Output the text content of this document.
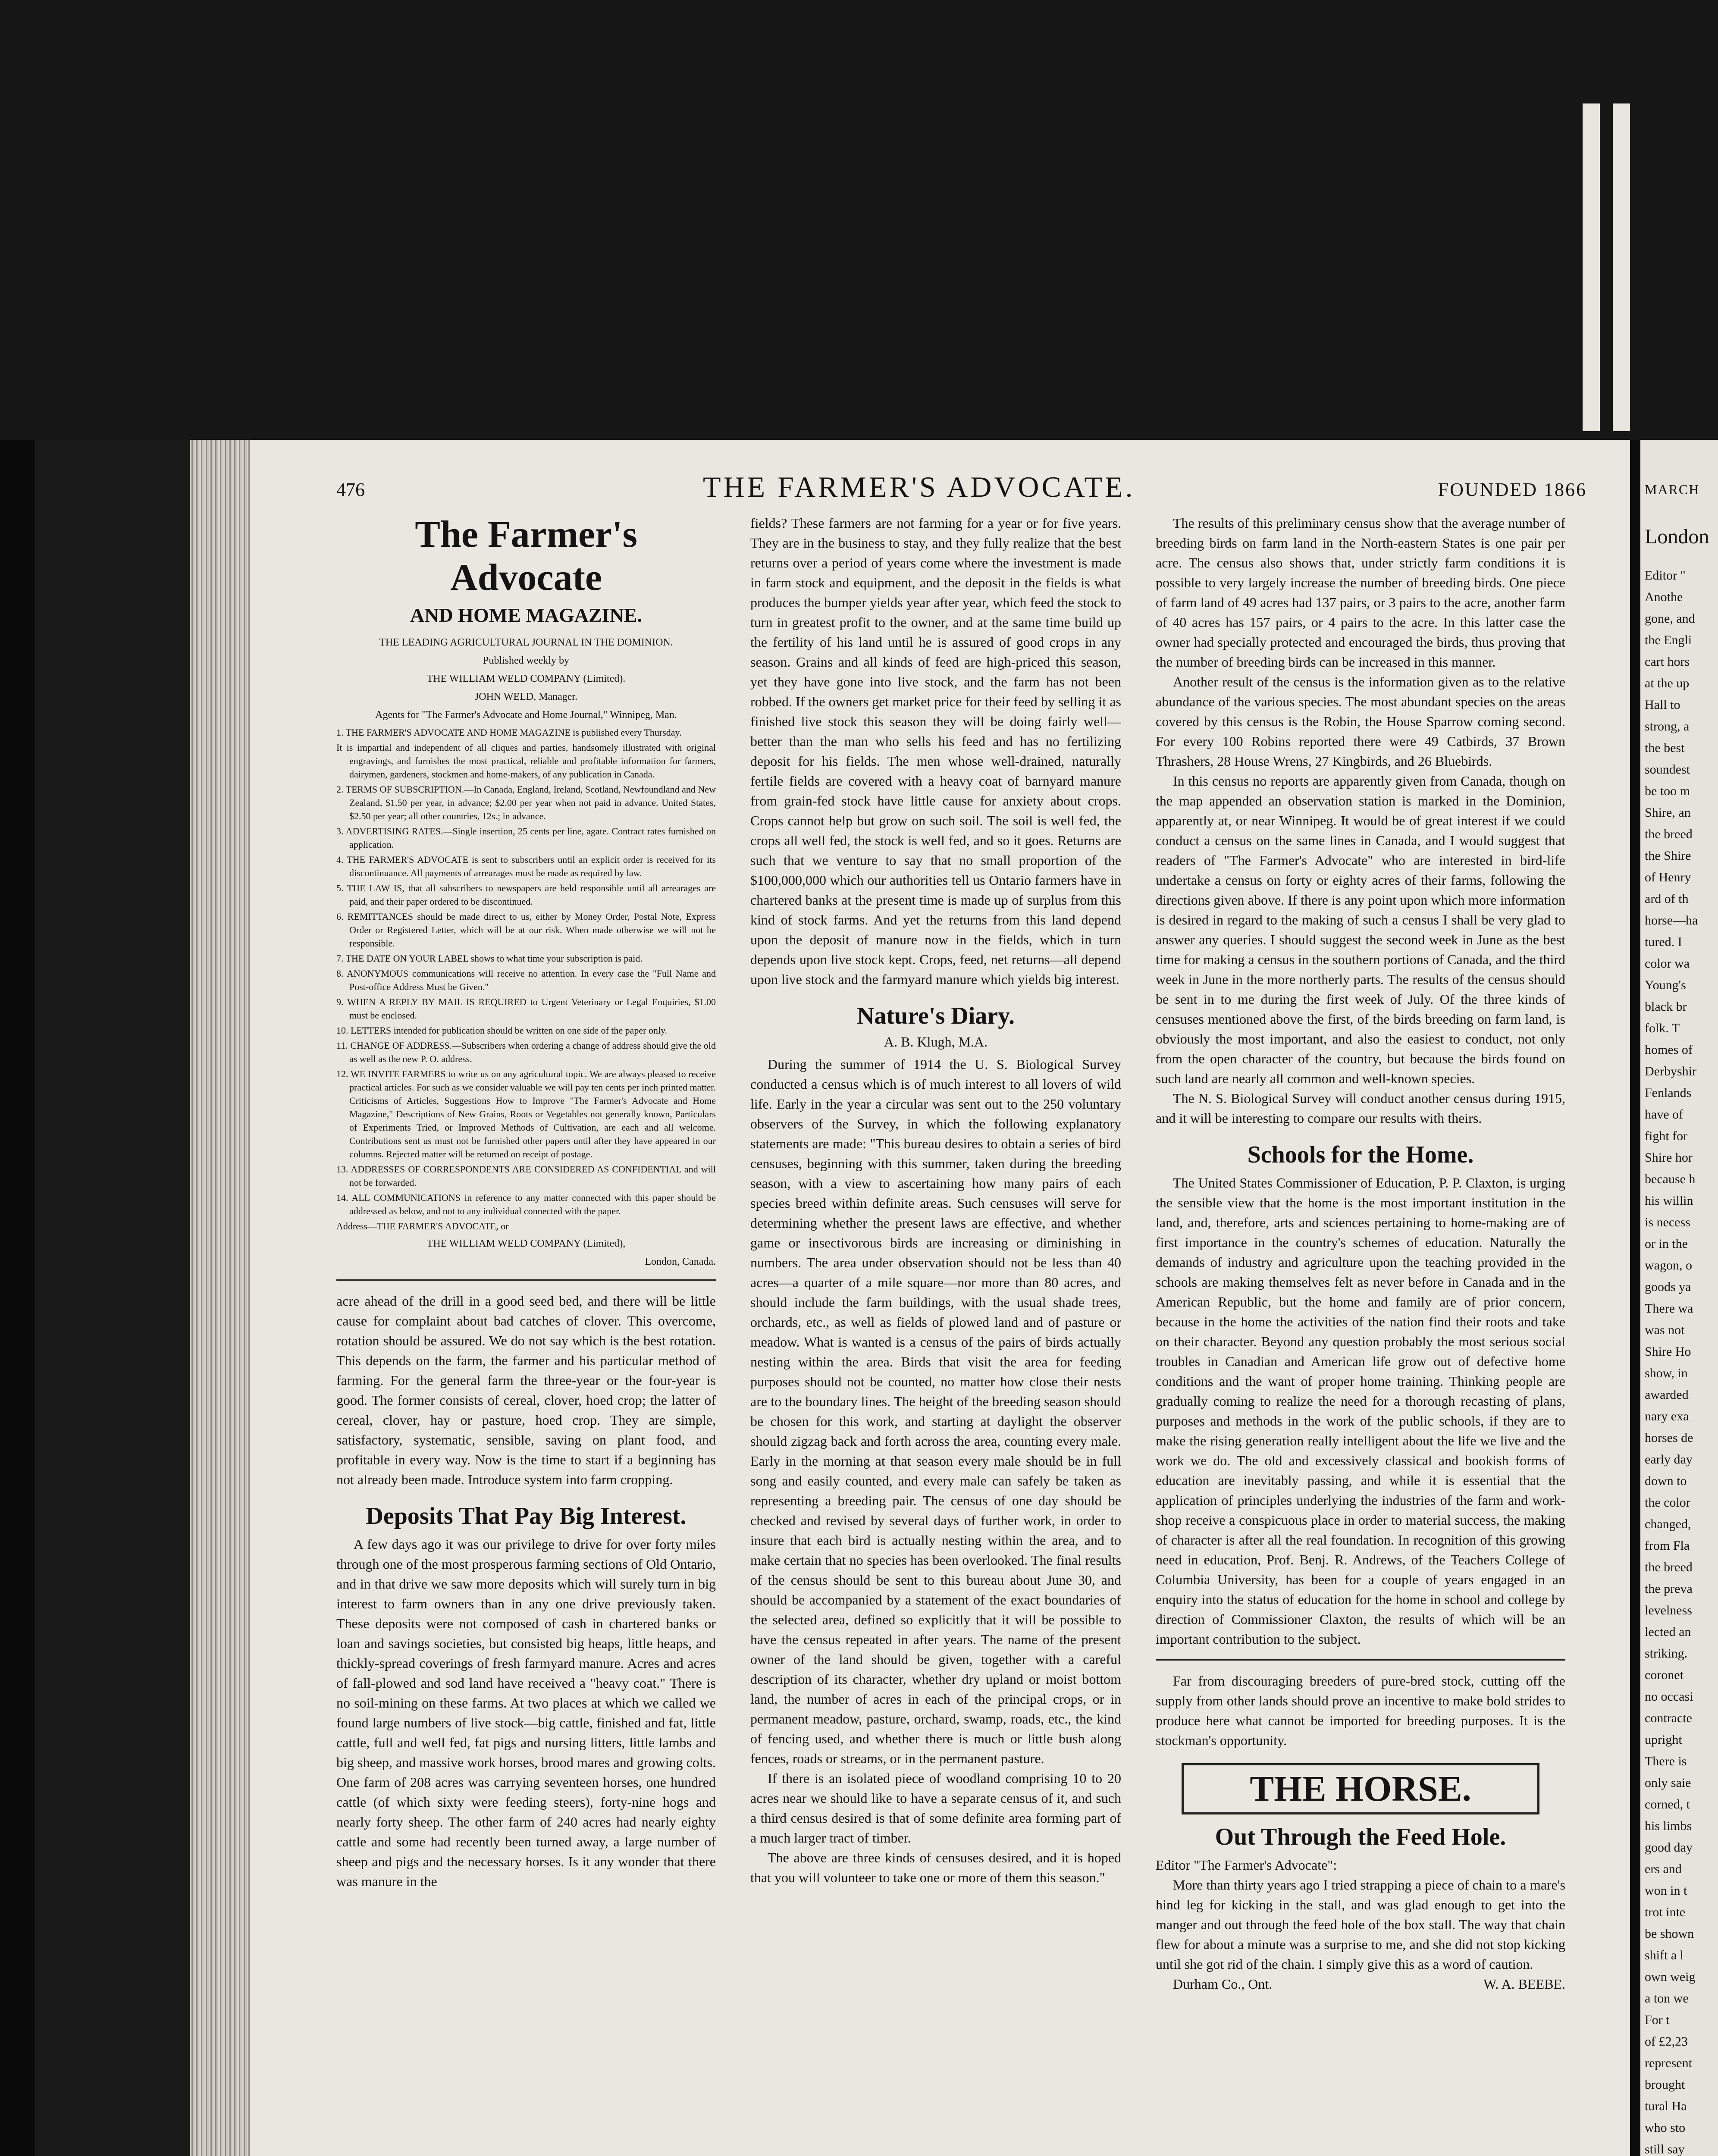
476	THE FARMER'S ADVOCATE.	FOUNDED 1866
The Farmer's Advocate
AND HOME MAGAZINE.
THE LEADING AGRICULTURAL JOURNAL IN THE DOMINION.
Published weekly by
THE WILLIAM WELD COMPANY (Limited).
JOHN WELD, Manager.
Agents for "The Farmer's Advocate and Home Journal," Winnipeg, Man.
1. THE FARMER'S ADVOCATE AND HOME MAGAZINE is published every Thursday.
It is impartial and independent of all cliques and parties, handsomely illustrated with original engravings, and furnishes the most practical, reliable and profitable information for farmers, dairymen, gardeners, stockmen and home-makers, of any publication in Canada.
2. TERMS OF SUBSCRIPTION.—In Canada, England, Ireland, Scotland, Newfoundland and New Zealand, $1.50 per year, in advance; $2.00 per year when not paid in advance. United States, $2.50 per year; all other countries, 12s.; in advance.
3. ADVERTISING RATES.—Single insertion, 25 cents per line, agate. Contract rates furnished on application.
4. THE FARMER'S ADVOCATE is sent to subscribers until an explicit order is received for its discontinuance. All payments of arrearages must be made as required by law.
5. THE LAW IS, that all subscribers to newspapers are held responsible until all arrearages are paid, and their paper ordered to be discontinued.
6. REMITTANCES should be made direct to us, either by Money Order, Postal Note, Express Order or Registered Letter, which will be at our risk. When made otherwise we will not be responsible.
7. THE DATE ON YOUR LABEL shows to what time your subscription is paid.
8. ANONYMOUS communications will receive no attention. In every case the "Full Name and Post-office Address Must be Given."
9. WHEN A REPLY BY MAIL IS REQUIRED to Urgent Veterinary or Legal Enquiries, $1.00 must be enclosed.
10. LETTERS intended for publication should be written on one side of the paper only.
11. CHANGE OF ADDRESS.—Subscribers when ordering a change of address should give the old as well as the new P. O. address.
12. WE INVITE FARMERS to write us on any agricultural topic. We are always pleased to receive practical articles. For such as we consider valuable we will pay ten cents per inch printed matter. Criticisms of Articles, Suggestions How to Improve "The Farmer's Advocate and Home Magazine," Descriptions of New Grains, Roots or Vegetables not generally known, Particulars of Experiments Tried, or Improved Methods of Cultivation, are each and all welcome. Contributions sent us must not be furnished other papers until after they have appeared in our columns. Rejected matter will be returned on receipt of postage.
13. ADDRESSES OF CORRESPONDENTS ARE CONSIDERED AS CONFIDENTIAL and will not be forwarded.
14. ALL COMMUNICATIONS in reference to any matter connected with this paper should be addressed as below, and not to any individual connected with the paper.
Address—THE FARMER'S ADVOCATE, or
THE WILLIAM WELD COMPANY (Limited),
London, Canada.

acre ahead of the drill in a good seed bed, and there will be little cause for complaint about bad catches of clover. This overcome, rotation should be assured. We do not say which is the best rotation. This depends on the farm, the farmer and his particular method of farming. For the general farm the three-year or the four-year is good. The former consists of cereal, clover, hoed crop; the latter of cereal, clover, hay or pasture, hoed crop. They are simple, satisfactory, systematic, sensible, saving on plant food, and profitable in every way. Now is the time to start if a beginning has not already been made. Introduce system into farm cropping.

Deposits That Pay Big Interest.

A few days ago it was our privilege to drive for over forty miles through one of the most prosperous farming sections of Old Ontario, and in that drive we saw more deposits which will surely turn in big interest to farm owners than in any one drive previously taken. These deposits were not composed of cash in chartered banks or loan and savings societies, but consisted big heaps, little heaps, and thickly-spread coverings of fresh farmyard manure. Acres and acres of fall-plowed and sod land have received a "heavy coat." There is no soil-mining on these farms. At two places at which we called we found large numbers of live stock—big cattle, finished and fat, little cattle, full and well fed, fat pigs and nursing litters, little lambs and big sheep, and massive work horses, brood mares and growing colts. One farm of 208 acres was carrying seventeen horses, one hundred cattle (of which sixty were feeding steers), forty-nine hogs and nearly forty sheep. The other farm of 240 acres had nearly eighty cattle and some had recently been turned away, a large number of sheep and pigs and the necessary horses. Is it any wonder that there was manure in the

fields? These farmers are not farming for a year or for five years. They are in the business to stay, and they fully realize that the best returns over a period of years come where the investment is made in farm stock and equipment, and the deposit in the fields is what produces the bumper yields year after year, which feed the stock to turn in greatest profit to the owner, and at the same time build up the fertility of his land until he is assured of good crops in any season. Grains and all kinds of feed are high-priced this season, yet they have gone into live stock, and the farm has not been robbed. If the owners get market price for their feed by selling it as finished live stock this season they will be doing fairly well—better than the man who sells his feed and has no fertilizing deposit for his fields. The men whose well-drained, naturally fertile fields are covered with a heavy coat of barnyard manure from grain-fed stock have little cause for anxiety about crops. Crops cannot help but grow on such soil. The soil is well fed, the crops all well fed, the stock is well fed, and so it goes. Returns are such that we venture to say that no small proportion of the $100,000,000 which our authorities tell us Ontario farmers have in chartered banks at the present time is made up of surplus from this kind of stock farms. And yet the returns from this land depend upon the deposit of manure now in the fields, which in turn depends upon live stock kept. Crops, feed, net returns—all depend upon live stock and the farmyard manure which yields big interest.

Nature's Diary.
A. B. Klugh, M.A.

During the summer of 1914 the U. S. Biological Survey conducted a census which is of much interest to all lovers of wild life. Early in the year a circular was sent out to the 250 voluntary observers of the Survey, in which the following explanatory statements are made: "This bureau desires to obtain a series of bird censuses, beginning with this summer, taken during the breeding season, with a view to ascertaining how many pairs of each species breed within definite areas. Such censuses will serve for determining whether the present laws are effective, and whether game or insectivorous birds are increasing or diminishing in numbers. The area under observation should not be less than 40 acres—a quarter of a mile square—nor more than 80 acres, and should include the farm buildings, with the usual shade trees, orchards, etc., as well as fields of plowed land and of pasture or meadow. What is wanted is a census of the pairs of birds actually nesting within the area. Birds that visit the area for feeding purposes should not be counted, no matter how close their nests are to the boundary lines. The height of the breeding season should be chosen for this work, and starting at daylight the observer should zigzag back and forth across the area, counting every male. Early in the morning at that season every male should be in full song and easily counted, and every male can safely be taken as representing a breeding pair. The census of one day should be checked and revised by several days of further work, in order to insure that each bird is actually nesting within the area, and to make certain that no species has been overlooked. The final results of the census should be sent to this bureau about June 30, and should be accompanied by a statement of the exact boundaries of the selected area, defined so explicitly that it will be possible to have the census repeated in after years. The name of the present owner of the land should be given, together with a careful description of its character, whether dry upland or moist bottom land, the number of acres in each of the principal crops, or in permanent meadow, pasture, orchard, swamp, roads, etc., the kind of fencing used, and whether there is much or little bush along fences, roads or streams, or in the permanent pasture.

If there is an isolated piece of woodland comprising 10 to 20 acres near we should like to have a separate census of it, and such a third census desired is that of some definite area forming part of a much larger tract of timber.

The above are three kinds of censuses desired, and it is hoped that you will volunteer to take one or more of them this season."

The results of this preliminary census show that the average number of breeding birds on farm land in the North-eastern States is one pair per acre. The census also shows that, under strictly farm conditions it is possible to very largely increase the number of breeding birds. One piece of farm land of 49 acres had 137 pairs, or 3 pairs to the acre, another farm of 40 acres has 157 pairs, or 4 pairs to the acre. In this latter case the owner had specially protected and encouraged the birds, thus proving that the number of breeding birds can be increased in this manner.

Another result of the census is the information given as to the relative abundance of the various species. The most abundant species on the areas covered by this census is the Robin, the House Sparrow coming second. For every 100 Robins reported there were 49 Catbirds, 37 Brown Thrashers, 28 House Wrens, 27 Kingbirds, and 26 Bluebirds.

In this census no reports are apparently given from Canada, though on the map appended an observation station is marked in the Dominion, apparently at, or near Winnipeg. It would be of great interest if we could conduct a census on the same lines in Canada, and I would suggest that readers of "The Farmer's Advocate" who are interested in bird-life undertake a census on forty or eighty acres of their farms, following the directions given above. If there is any point upon which more information is desired in regard to the making of such a census I shall be very glad to answer any queries. I should suggest the second week in June as the best time for making a census in the southern portions of Canada, and the third week in June in the more northerly parts. The results of the census should be sent in to me during the first week of July. Of the three kinds of censuses mentioned above the first, of the birds breeding on farm land, is obviously the most important, and also the easiest to conduct, not only from the open character of the country, but because the birds found on such land are nearly all common and well-known species.

The N. S. Biological Survey will conduct another census during 1915, and it will be interesting to compare our results with theirs.

Schools for the Home.

The United States Commissioner of Education, P. P. Claxton, is urging the sensible view that the home is the most important institution in the land, and, therefore, arts and sciences pertaining to home-making are of first importance in the country's schemes of education. Naturally the demands of industry and agriculture upon the teaching provided in the schools are making themselves felt as never before in Canada and in the American Republic, but the home and family are of prior concern, because in the home the activities of the nation find their roots and take on their character. Beyond any question probably the most serious social troubles in Canadian and American life grow out of defective home conditions and the want of proper home training. Thinking people are gradually coming to realize the need for a thorough recasting of plans, purposes and methods in the work of the public schools, if they are to make the rising generation really intelligent about the life we live and the work we do. The old and excessively classical and bookish forms of education are inevitably passing, and while it is essential that the application of principles underlying the industries of the farm and work-shop receive a conspicuous place in order to material success, the making of character is after all the real foundation. In recognition of this growing need in education, Prof. Benj. R. Andrews, of the Teachers College of Columbia University, has been for a couple of years engaged in an enquiry into the status of education for the home in school and college by direction of Commissioner Claxton, the results of which will be an important contribution to the subject.

Far from discouraging breeders of pure-bred stock, cutting off the supply from other lands should prove an incentive to make bold strides to produce here what cannot be imported for breeding purposes. It is the stockman's opportunity.

THE HORSE.
Out Through the Feed Hole.

Editor "The Farmer's Advocate":

More than thirty years ago I tried strapping a piece of chain to a mare's hind leg for kicking in the stall, and was glad enough to get into the manger and out through the feed hole of the box stall. The way that chain flew for about a minute was a surprise to me, and she did not stop kicking until she got rid of the chain. I simply give this as a word of caution.

Durham Co., Ont.	W. A. BEEBE.

MARCH

London

Editor "

Anothe

gone, and

the Engli

cart hors

at the up

Hall to

strong, a

the best

soundest

be too m

Shire, an

the breed

the Shire

of Henry

ard of th

horse—ha

tured. I

color wa

Young's

black br

folk. T

homes of

Derbyshir

Fenlands

have of

fight for

Shire hor

because h

his willin

is necess

or in the

wagon, o

goods ya

There wa

was not

Shire Ho

show, in

awarded

nary exa

horses de

early day

down to

the color

changed,

from Fla

the breed

the preva

levelness

lected an

striking.

coronet

no occasi

contracte

upright

There is

only saie

corned, t

his limbs

good day

ers and

won in t

trot inte

be shown

shift a l

own weig

a ton we

For t

of £2,23

represent

brought

tural Ha

who sto

still say
